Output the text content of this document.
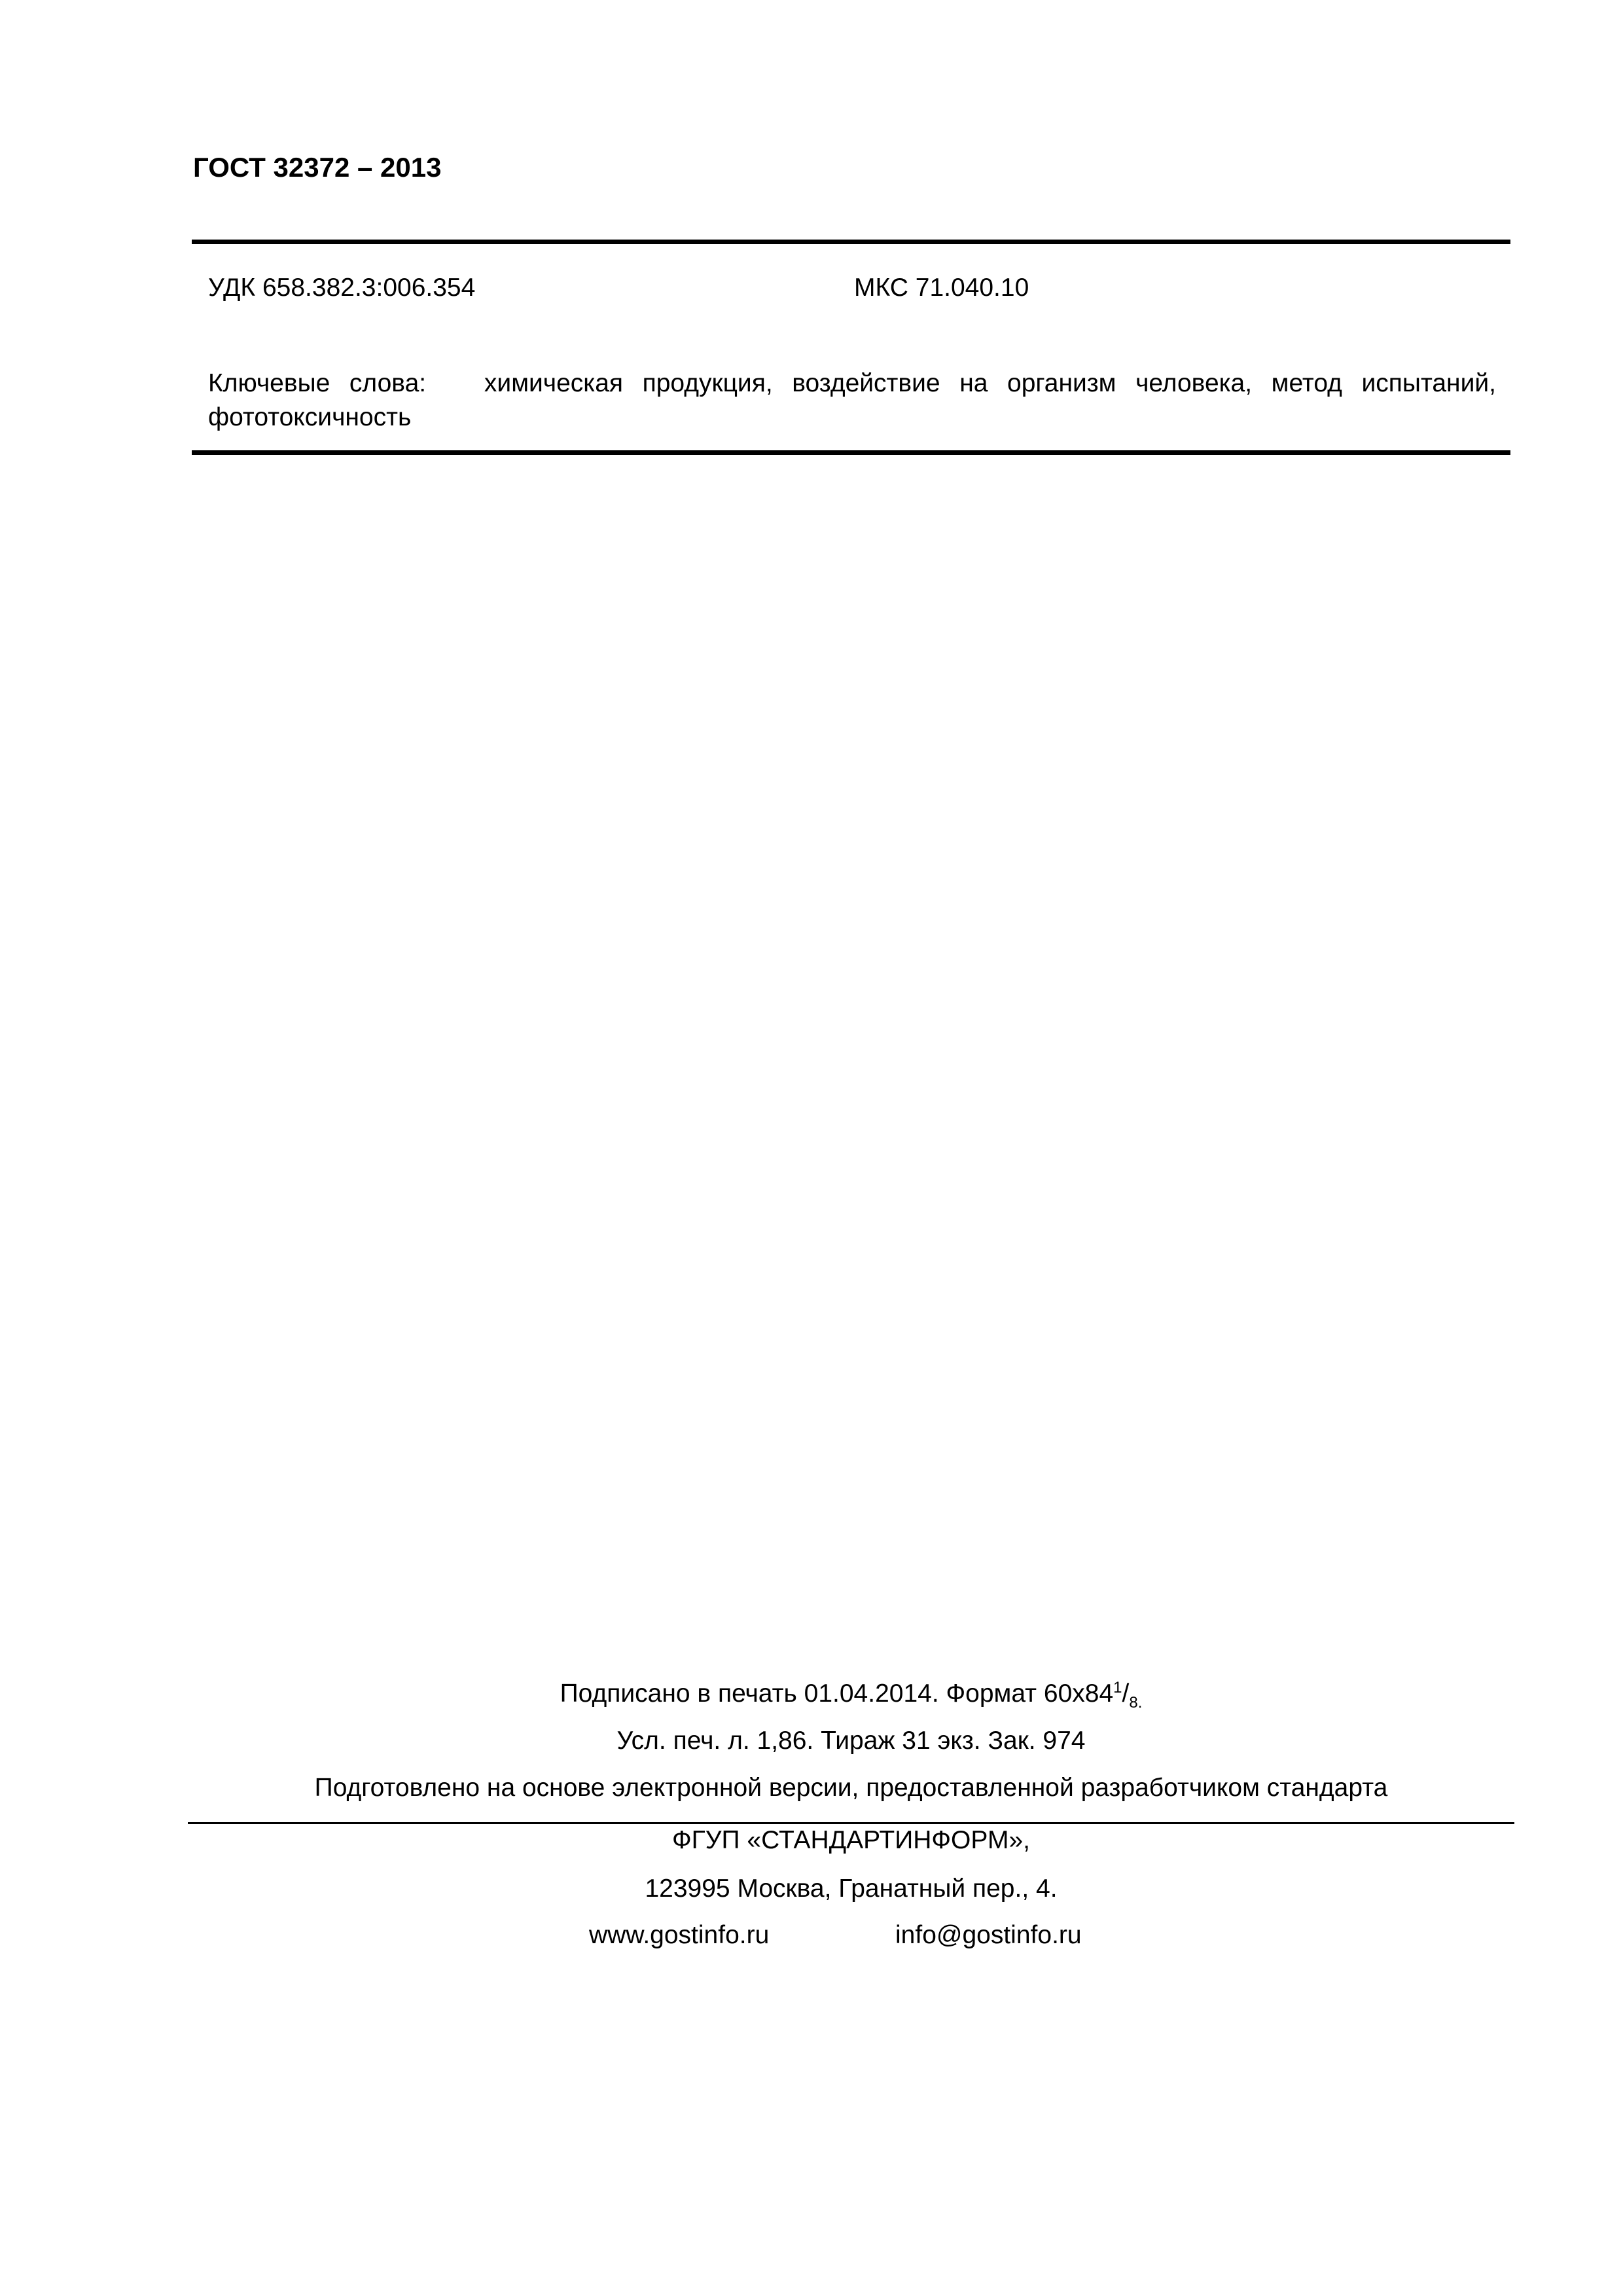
ГОСТ 32372 – 2013
УДК 658.382.3:006.354	МКС 71.040.10
Ключевые слова: химическая продукция, воздействие на организм человека, метод испытаний, фототоксичность
Подписано в печать 01.04.2014. Формат $60х84^1/_{8.}$
Усл. печ. л. 1,86. Тираж 31 экз. Зак. 974
Подготовлено на основе электронной версии, предоставленной разработчиком стандарта
ФГУП «СТАНДАРТИНФОРМ»,
123995 Москва, Гранатный пер., 4.
www.gostinfo.ru	info@gostinfo.ru
